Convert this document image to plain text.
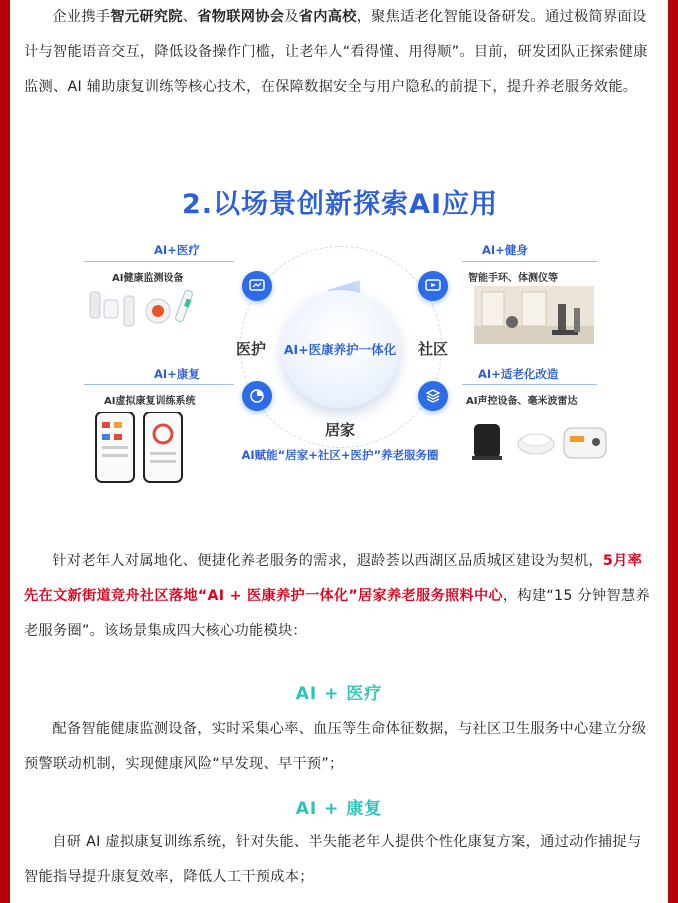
企业携手智元研究院、省物联网协会及省内高校，聚焦适老化智能设备研发。通过极简界面设计与智能语音交互，降低设备操作门槛，让老年人“看得懂、用得顺”。目前，研发团队正探索健康监测、AI 辅助康复训练等核心技术，在保障数据安全与用户隐私的前提下，提升养老服务效能。

2.以场景创新探索AI应用
AI+医疗
AI健康监测设备
AI+健身
智能手环、体测仪等
AI+康复
AI虚拟康复训练系统
AI+适老化改造
AI声控设备、毫米波雷达
AI+医康养护一体化
医护	社区
居家
AI赋能“居家+社区+医护”养老服务圈

针对老年人对属地化、便捷化养老服务的需求，遐龄荟以西湖区品质城区建设为契机，5月率先在文新街道竞舟社区落地“AI + 医康养护一体化”居家养老服务照料中心，构建“15 分钟智慧养老服务圈”。该场景集成四大核心功能模块：

AI + 医疗

配备智能健康监测设备，实时采集心率、血压等生命体征数据，与社区卫生服务中心建立分级预警联动机制，实现健康风险“早发现、早干预”；

AI + 康复

自研 AI 虚拟康复训练系统，针对失能、半失能老年人提供个性化康复方案，通过动作捕捉与智能指导提升康复效率，降低人工干预成本；
